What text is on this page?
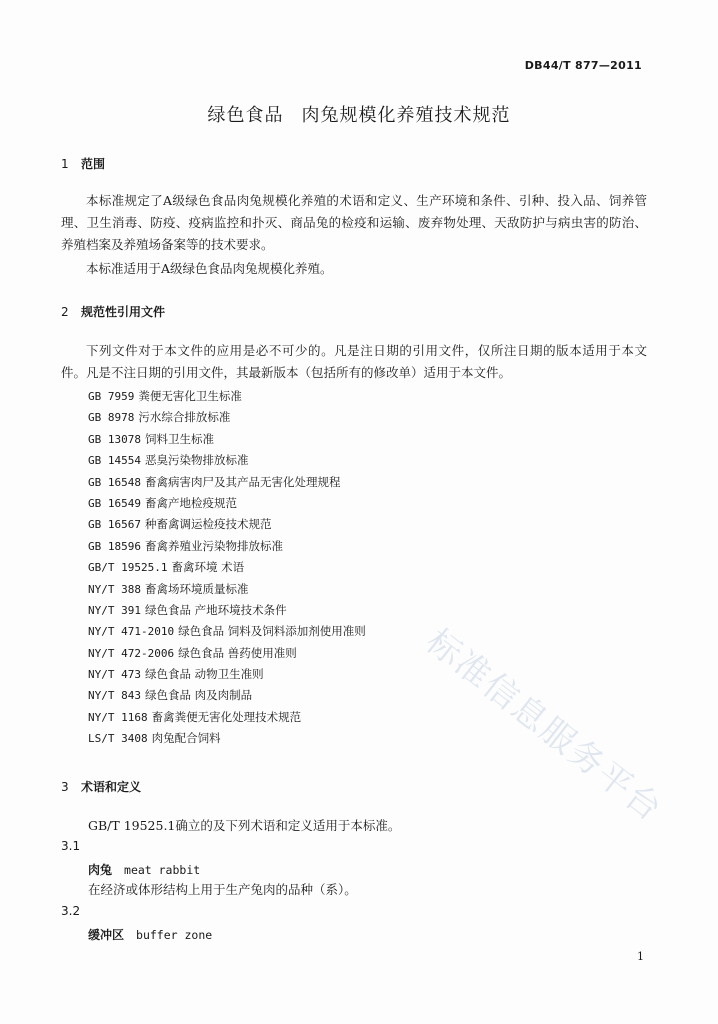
标准信息服务平台
DB44/T 877—2011
绿色食品 肉兔规模化养殖技术规范
1 范围

本标准规定了A级绿色食品肉兔规模化养殖的术语和定义、生产环境和条件、引种、投入品、饲养管理、卫生消毒、防疫、疫病监控和扑灭、商品兔的检疫和运输、废弃物处理、天敌防护与病虫害的防治、养殖档案及养殖场备案等的技术要求。

本标准适用于A级绿色食品肉兔规模化养殖。

2 规范性引用文件

下列文件对于本文件的应用是必不可少的。凡是注日期的引用文件，仅所注日期的版本适用于本文件。凡是不注日期的引用文件，其最新版本（包括所有的修改单）适用于本文件。

GB 7959 粪便无害化卫生标准
GB 8978 污水综合排放标准
GB 13078 饲料卫生标准
GB 14554 恶臭污染物排放标准
GB 16548 畜禽病害肉尸及其产品无害化处理规程
GB 16549 畜禽产地检疫规范
GB 16567 种畜禽调运检疫技术规范
GB 18596 畜禽养殖业污染物排放标准
GB/T 19525.1 畜禽环境 术语
NY/T 388 畜禽场环境质量标准
NY/T 391 绿色食品 产地环境技术条件
NY/T 471-2010 绿色食品 饲料及饲料添加剂使用准则
NY/T 472-2006 绿色食品 兽药使用准则
NY/T 473 绿色食品 动物卫生准则
NY/T 843 绿色食品 肉及肉制品
NY/T 1168 畜禽粪便无害化处理技术规范
LS/T 3408 肉兔配合饲料
3 术语和定义
GB/T 19525.1确立的及下列术语和定义适用于本标准。
3.1
肉兔 meat rabbit
在经济或体形结构上用于生产兔肉的品种（系）。
3.2
缓冲区 buffer zone
1
